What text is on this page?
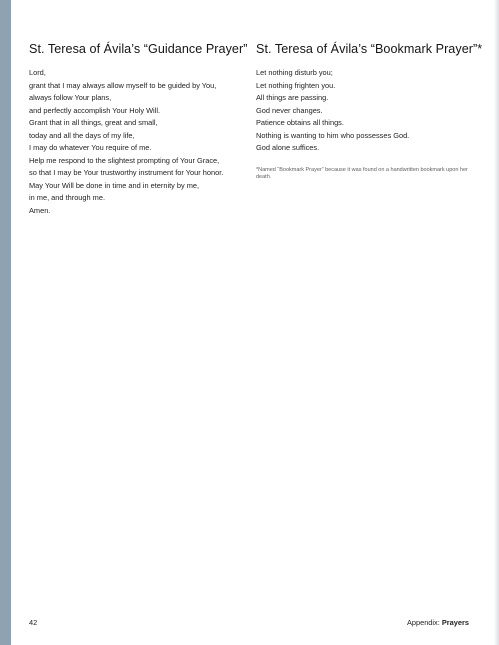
St. Teresa of Ávila’s “Guidance Prayer”
Lord,
grant that I may always allow myself to be guided by You,
always follow Your plans,
and perfectly accomplish Your Holy Will.
Grant that in all things, great and small,
today and all the days of my life,
I may do whatever You require of me.
Help me respond to the slightest prompting of Your Grace,
so that I may be Your trustworthy instrument for Your honor.
May Your Will be done in time and in eternity by me,
in me, and through me.
Amen.
St. Teresa of Ávila’s “Bookmark Prayer”*
Let nothing disturb you;
Let nothing frighten you.
All things are passing.
God never changes.
Patience obtains all things.
Nothing is wanting to him who possesses God.
God alone suffices.

*Named “Bookmark Prayer” because it was found on a handwritten bookmark upon her death.

42	Appendix: Prayers
